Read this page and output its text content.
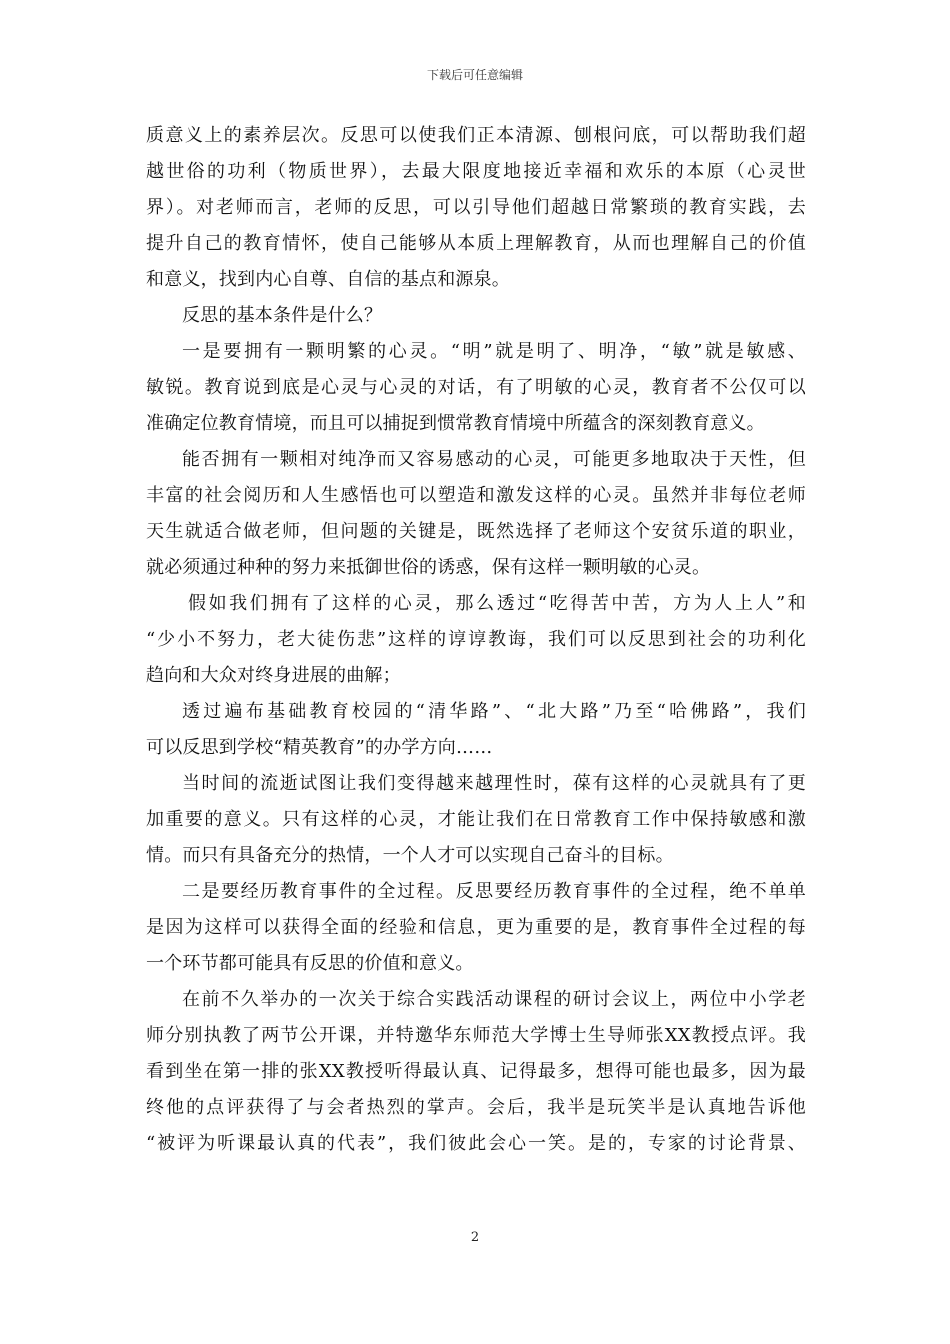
下载后可任意编辑
质意义上的素养层次。反思可以使我们正本清源、刨根问底，可以帮助我们超
越世俗的功利（物质世界），去最大限度地接近幸福和欢乐的本原（心灵世
界）。对老师而言，老师的反思，可以引导他们超越日常繁琐的教育实践，去
提升自己的教育情怀，使自己能够从本质上理解教育，从而也理解自己的价值
和意义，找到内心自尊、自信的基点和源泉。
反思的基本条件是什么？
一是要拥有一颗明繁的心灵。“明”就是明了、明净，“敏”就是敏感、
敏锐。教育说到底是心灵与心灵的对话，有了明敏的心灵，教育者不公仅可以
准确定位教育情境，而且可以捕捉到惯常教育情境中所蕴含的深刻教育意义。
能否拥有一颗相对纯净而又容易感动的心灵，可能更多地取决于天性，但
丰富的社会阅历和人生感悟也可以塑造和激发这样的心灵。虽然并非每位老师
天生就适合做老师，但问题的关键是，既然选择了老师这个安贫乐道的职业，
就必须通过种种的努力来抵御世俗的诱惑，保有这样一颗明敏的心灵。
假如我们拥有了这样的心灵，那么透过“吃得苦中苦，方为人上人”和
“少小不努力，老大徒伤悲”这样的谆谆教诲，我们可以反思到社会的功利化
趋向和大众对终身进展的曲解；
透过遍布基础教育校园的“清华路”、“北大路”乃至“哈佛路”，我们
可以反思到学校“精英教育”的办学方向……
当时间的流逝试图让我们变得越来越理性时，葆有这样的心灵就具有了更
加重要的意义。只有这样的心灵，才能让我们在日常教育工作中保持敏感和激
情。而只有具备充分的热情，一个人才可以实现自己奋斗的目标。
二是要经历教育事件的全过程。反思要经历教育事件的全过程，绝不单单
是因为这样可以获得全面的经验和信息，更为重要的是，教育事件全过程的每
一个环节都可能具有反思的价值和意义。
在前不久举办的一次关于综合实践活动课程的研讨会议上，两位中小学老
师分别执教了两节公开课，并特邀华东师范大学博士生导师张XX教授点评。我
看到坐在第一排的张XX教授听得最认真、记得最多，想得可能也最多，因为最
终他的点评获得了与会者热烈的掌声。会后，我半是玩笑半是认真地告诉他
“被评为听课最认真的代表”，我们彼此会心一笑。是的，专家的讨论背景、
2
